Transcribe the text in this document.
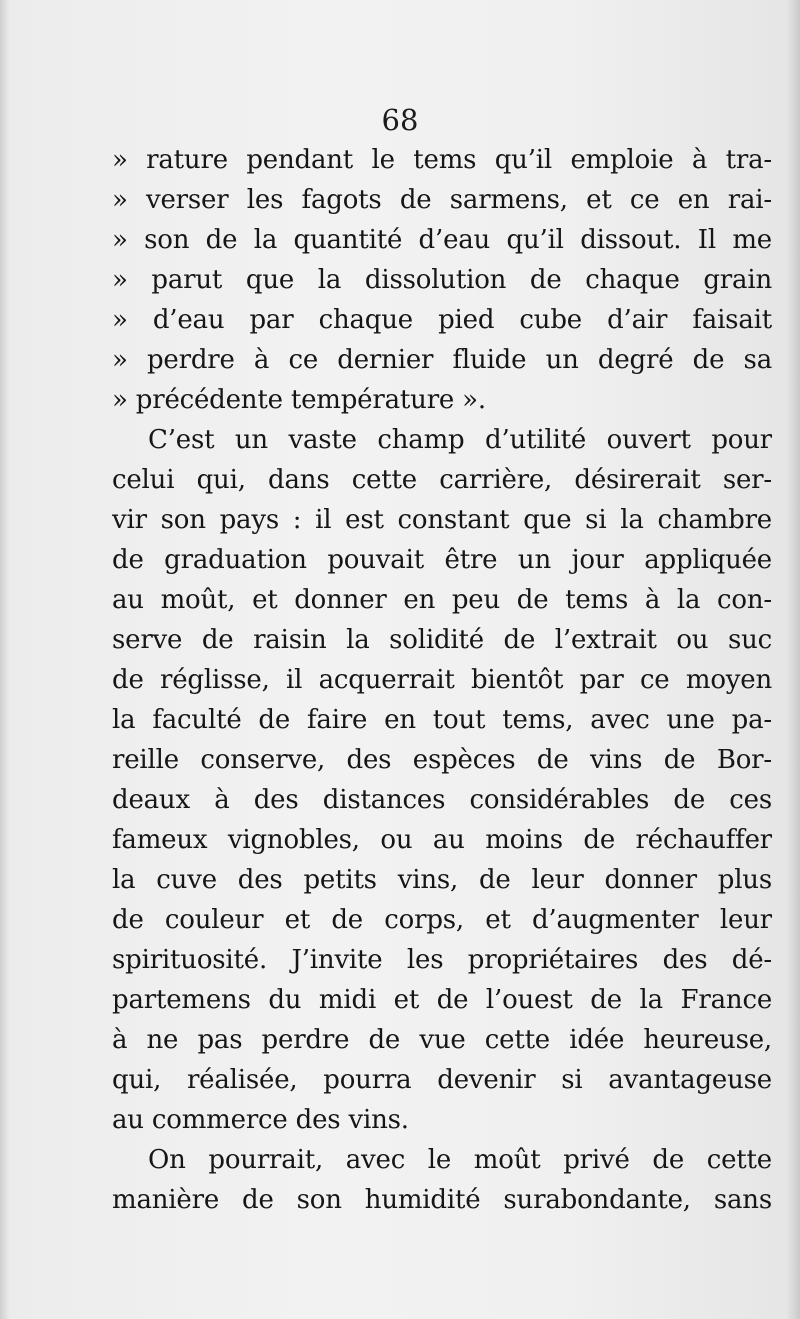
68
» rature pendant le tems qu’il emploie à tra-
» verser les fagots de sarmens, et ce en rai-
» son de la quantité d’eau qu’il dissout. Il me
» parut que la dissolution de chaque grain
» d’eau par chaque pied cube d’air faisait
» perdre à ce dernier fluide un degré de sa
» précédente température ».
C’est un vaste champ d’utilité ouvert pour
celui qui, dans cette carrière, désirerait ser-
vir son pays : il est constant que si la chambre
de graduation pouvait être un jour appliquée
au moût, et donner en peu de tems à la con-
serve de raisin la solidité de l’extrait ou suc
de réglisse, il acquerrait bientôt par ce moyen
la faculté de faire en tout tems, avec une pa-
reille conserve, des espèces de vins de Bor-
deaux à des distances considérables de ces
fameux vignobles, ou au moins de réchauffer
la cuve des petits vins, de leur donner plus
de couleur et de corps, et d’augmenter leur
spirituosité. J’invite les propriétaires des dé-
partemens du midi et de l’ouest de la France
à ne pas perdre de vue cette idée heureuse,
qui, réalisée, pourra devenir si avantageuse
au commerce des vins.
On pourrait, avec le moût privé de cette
manière de son humidité surabondante, sans
